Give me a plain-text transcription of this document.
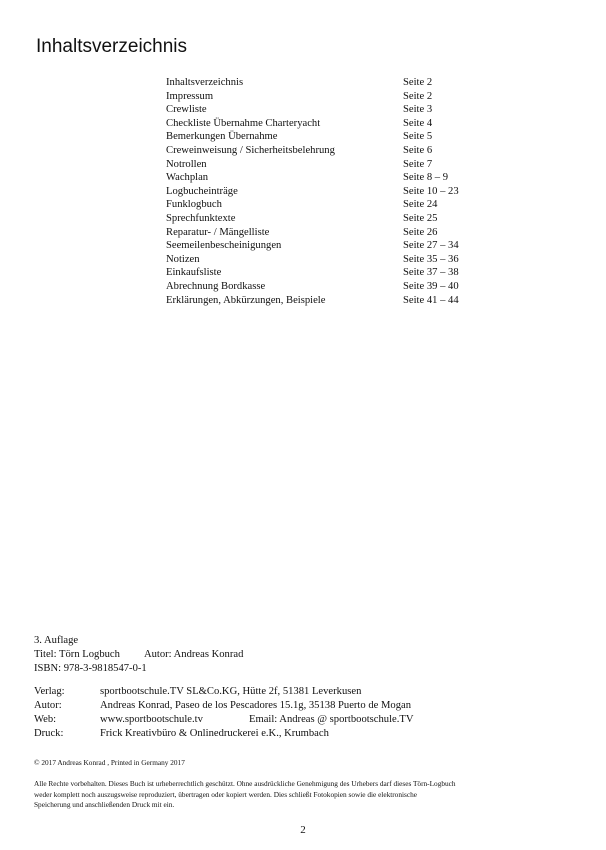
Inhaltsverzeichnis
Inhaltsverzeichnis	Seite 2
Impressum	Seite 2
Crewliste	Seite 3
Checkliste Übernahme Charteryacht	Seite 4
Bemerkungen Übernahme	Seite 5
Creweinweisung / Sicherheitsbelehrung	Seite 6
Notrollen	Seite 7
Wachplan	Seite 8 – 9
Logbucheinträge	Seite 10 – 23
Funklogbuch	Seite 24
Sprechfunktexte	Seite 25
Reparatur- / Mängelliste	Seite 26
Seemeilenbescheinigungen	Seite 27 – 34
Notizen	Seite 35 – 36
Einkaufsliste	Seite 37 – 38
Abrechnung Bordkasse	Seite 39 – 40
Erklärungen, Abkürzungen, Beispiele	Seite 41 – 44
3. Auflage
Titel: Törn Logbuch Autor: Andreas Konrad
ISBN: 978-3-9818547-0-1
Verlag:	sportbootschule.TV SL&Co.KG, Hütte 2f, 51381 Leverkusen
Autor:	Andreas Konrad, Paseo de los Pescadores 15.1g, 35138 Puerto de Mogan
Web:	www.sportbootschule.tv	Email: Andreas @ sportbootschule.TV
Druck:	Frick Kreativbüro & Onlinedruckerei e.K., Krumbach
© 2017 Andreas Konrad , Printed in Germany 2017
Alle Rechte vorbehalten. Dieses Buch ist urheberrechtlich geschützt. Ohne ausdrückliche Genehmigung des Urhebers darf dieses Törn-Logbuch
weder komplett noch auszugsweise reproduziert, übertragen oder kopiert werden. Dies schließt Fotokopien sowie die elektronische
Speicherung und anschließenden Druck mit ein.
2
